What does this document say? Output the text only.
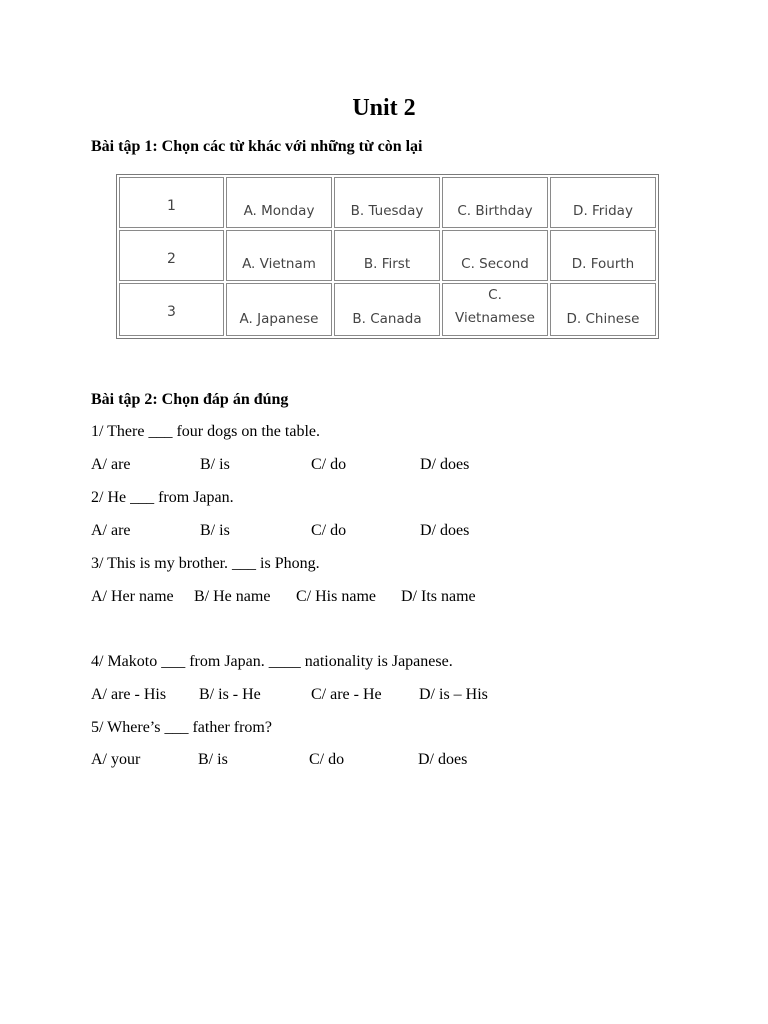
Unit 2
Bài tập 1: Chọn các từ khác với những từ còn lại
1	A. Monday	B. Tuesday	C. Birthday	D. Friday
2	A. Vietnam	B. First	C. Second	D. Fourth
3	A. Japanese	B. Canada	C. Vietnamese	D. Chinese
Bài tập 2: Chọn đáp án đúng
1/ There ___ four dogs on the table.
A/ are	B/ is	C/ do	D/ does
2/ He ___ from Japan.
A/ are	B/ is	C/ do	D/ does
3/ This is my brother. ___ is Phong.
A/ Her name B/ He name C/ His name D/ Its name
4/ Makoto ___ from Japan. ____ nationality is Japanese.
A/ are - His B/ is - He	C/ are - He D/ is – His
5/ Where’s ___ father from?
A/ your	B/ is	C/ do	D/ does
